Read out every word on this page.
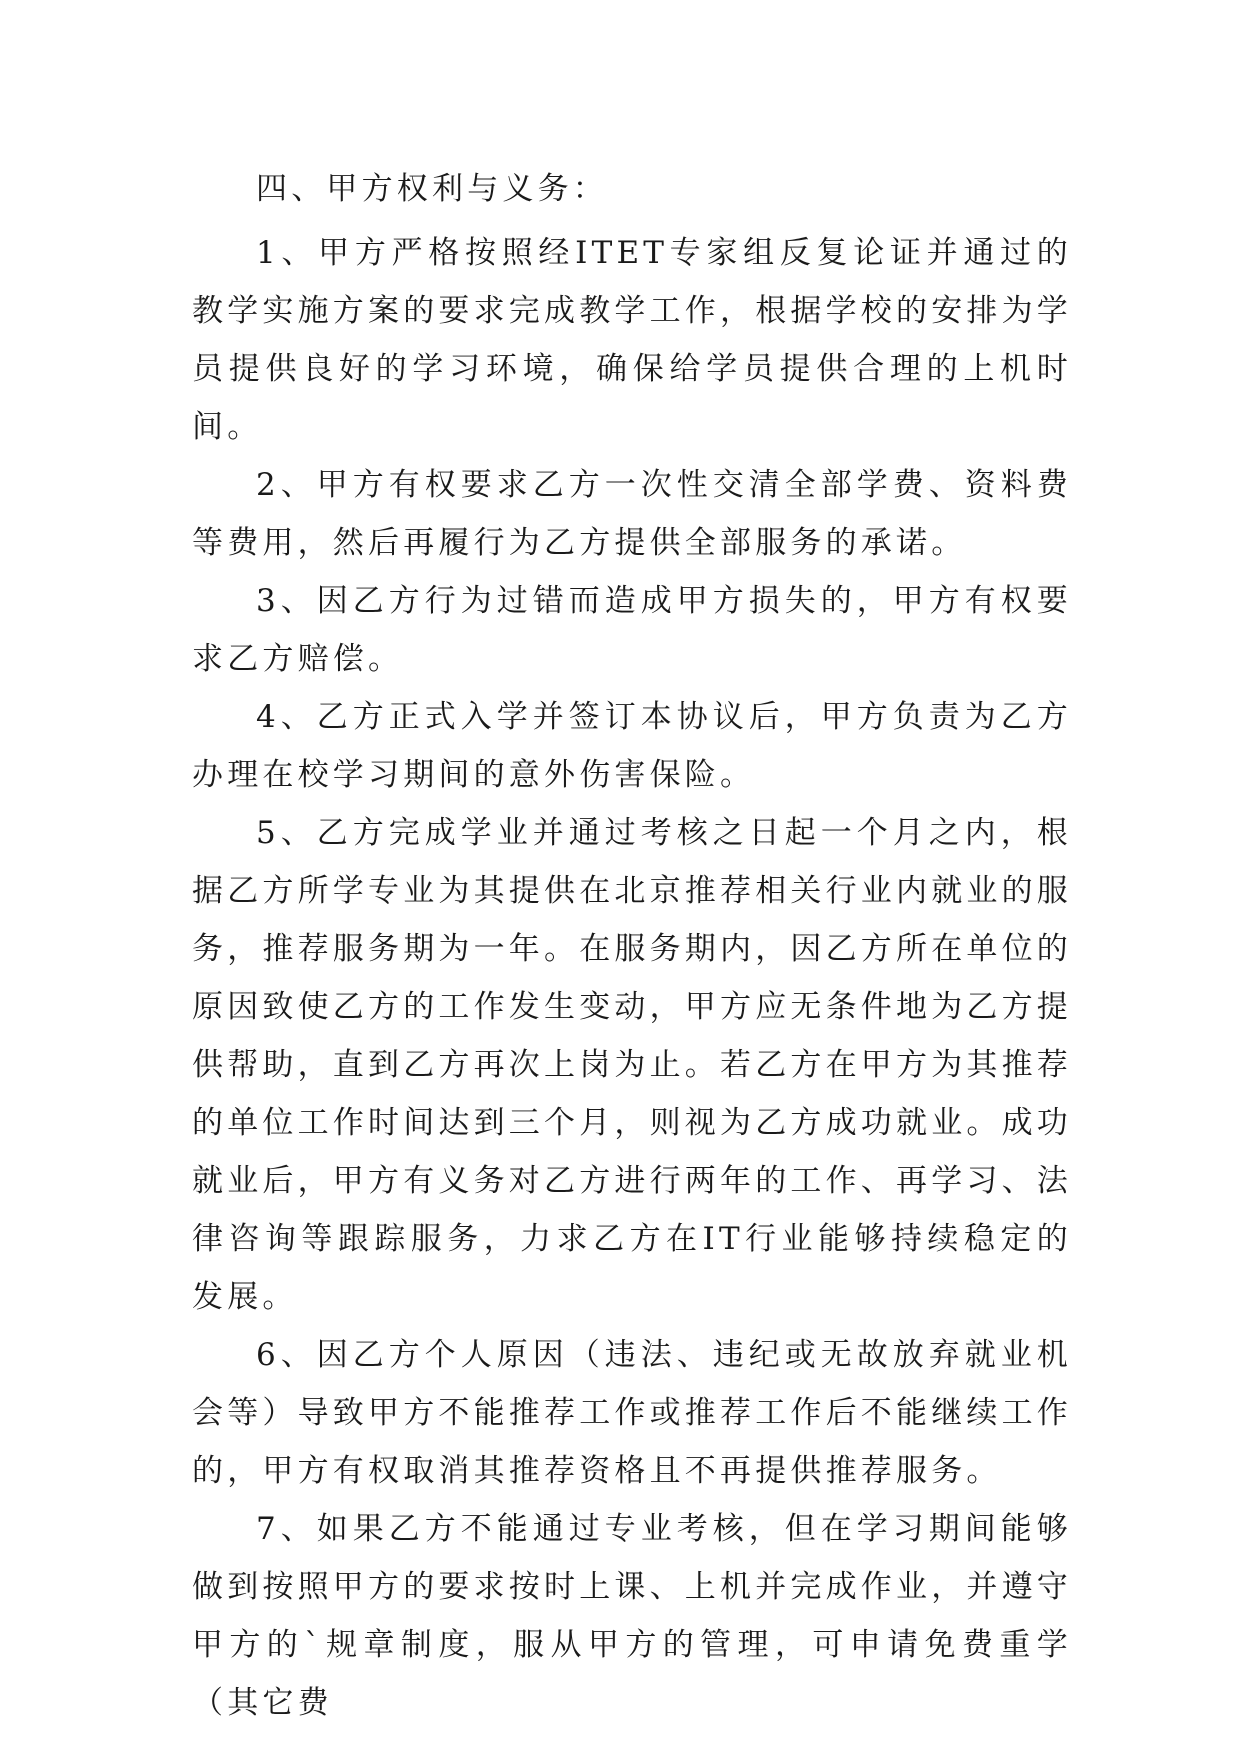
四、甲方权利与义务：

1、甲方严格按照经ITET专家组反复论证并通过的教学实施方案的要求完成教学工作，根据学校的安排为学员提供良好的学习环境，确保给学员提供合理的上机时间。

2、甲方有权要求乙方一次性交清全部学费、资料费等费用，然后再履行为乙方提供全部服务的承诺。

3、因乙方行为过错而造成甲方损失的，甲方有权要求乙方赔偿。

4、乙方正式入学并签订本协议后，甲方负责为乙方办理在校学习期间的意外伤害保险。

5、乙方完成学业并通过考核之日起一个月之内，根据乙方所学专业为其提供在北京推荐相关行业内就业的服务，推荐服务期为一年。在服务期内，因乙方所在单位的原因致使乙方的工作发生变动，甲方应无条件地为乙方提供帮助，直到乙方再次上岗为止。若乙方在甲方为其推荐的单位工作时间达到三个月，则视为乙方成功就业。成功就业后，甲方有义务对乙方进行两年的工作、再学习、法律咨询等跟踪服务，力求乙方在IT行业能够持续稳定的发展。

6、因乙方个人原因（违法、违纪或无故放弃就业机会等）导致甲方不能推荐工作或推荐工作后不能继续工作的，甲方有权取消其推荐资格且不再提供推荐服务。

7、如果乙方不能通过专业考核，但在学习期间能够做到按照甲方的要求按时上课、上机并完成作业，并遵守甲方的`规章制度，服从甲方的管理，可申请免费重学（其它费
